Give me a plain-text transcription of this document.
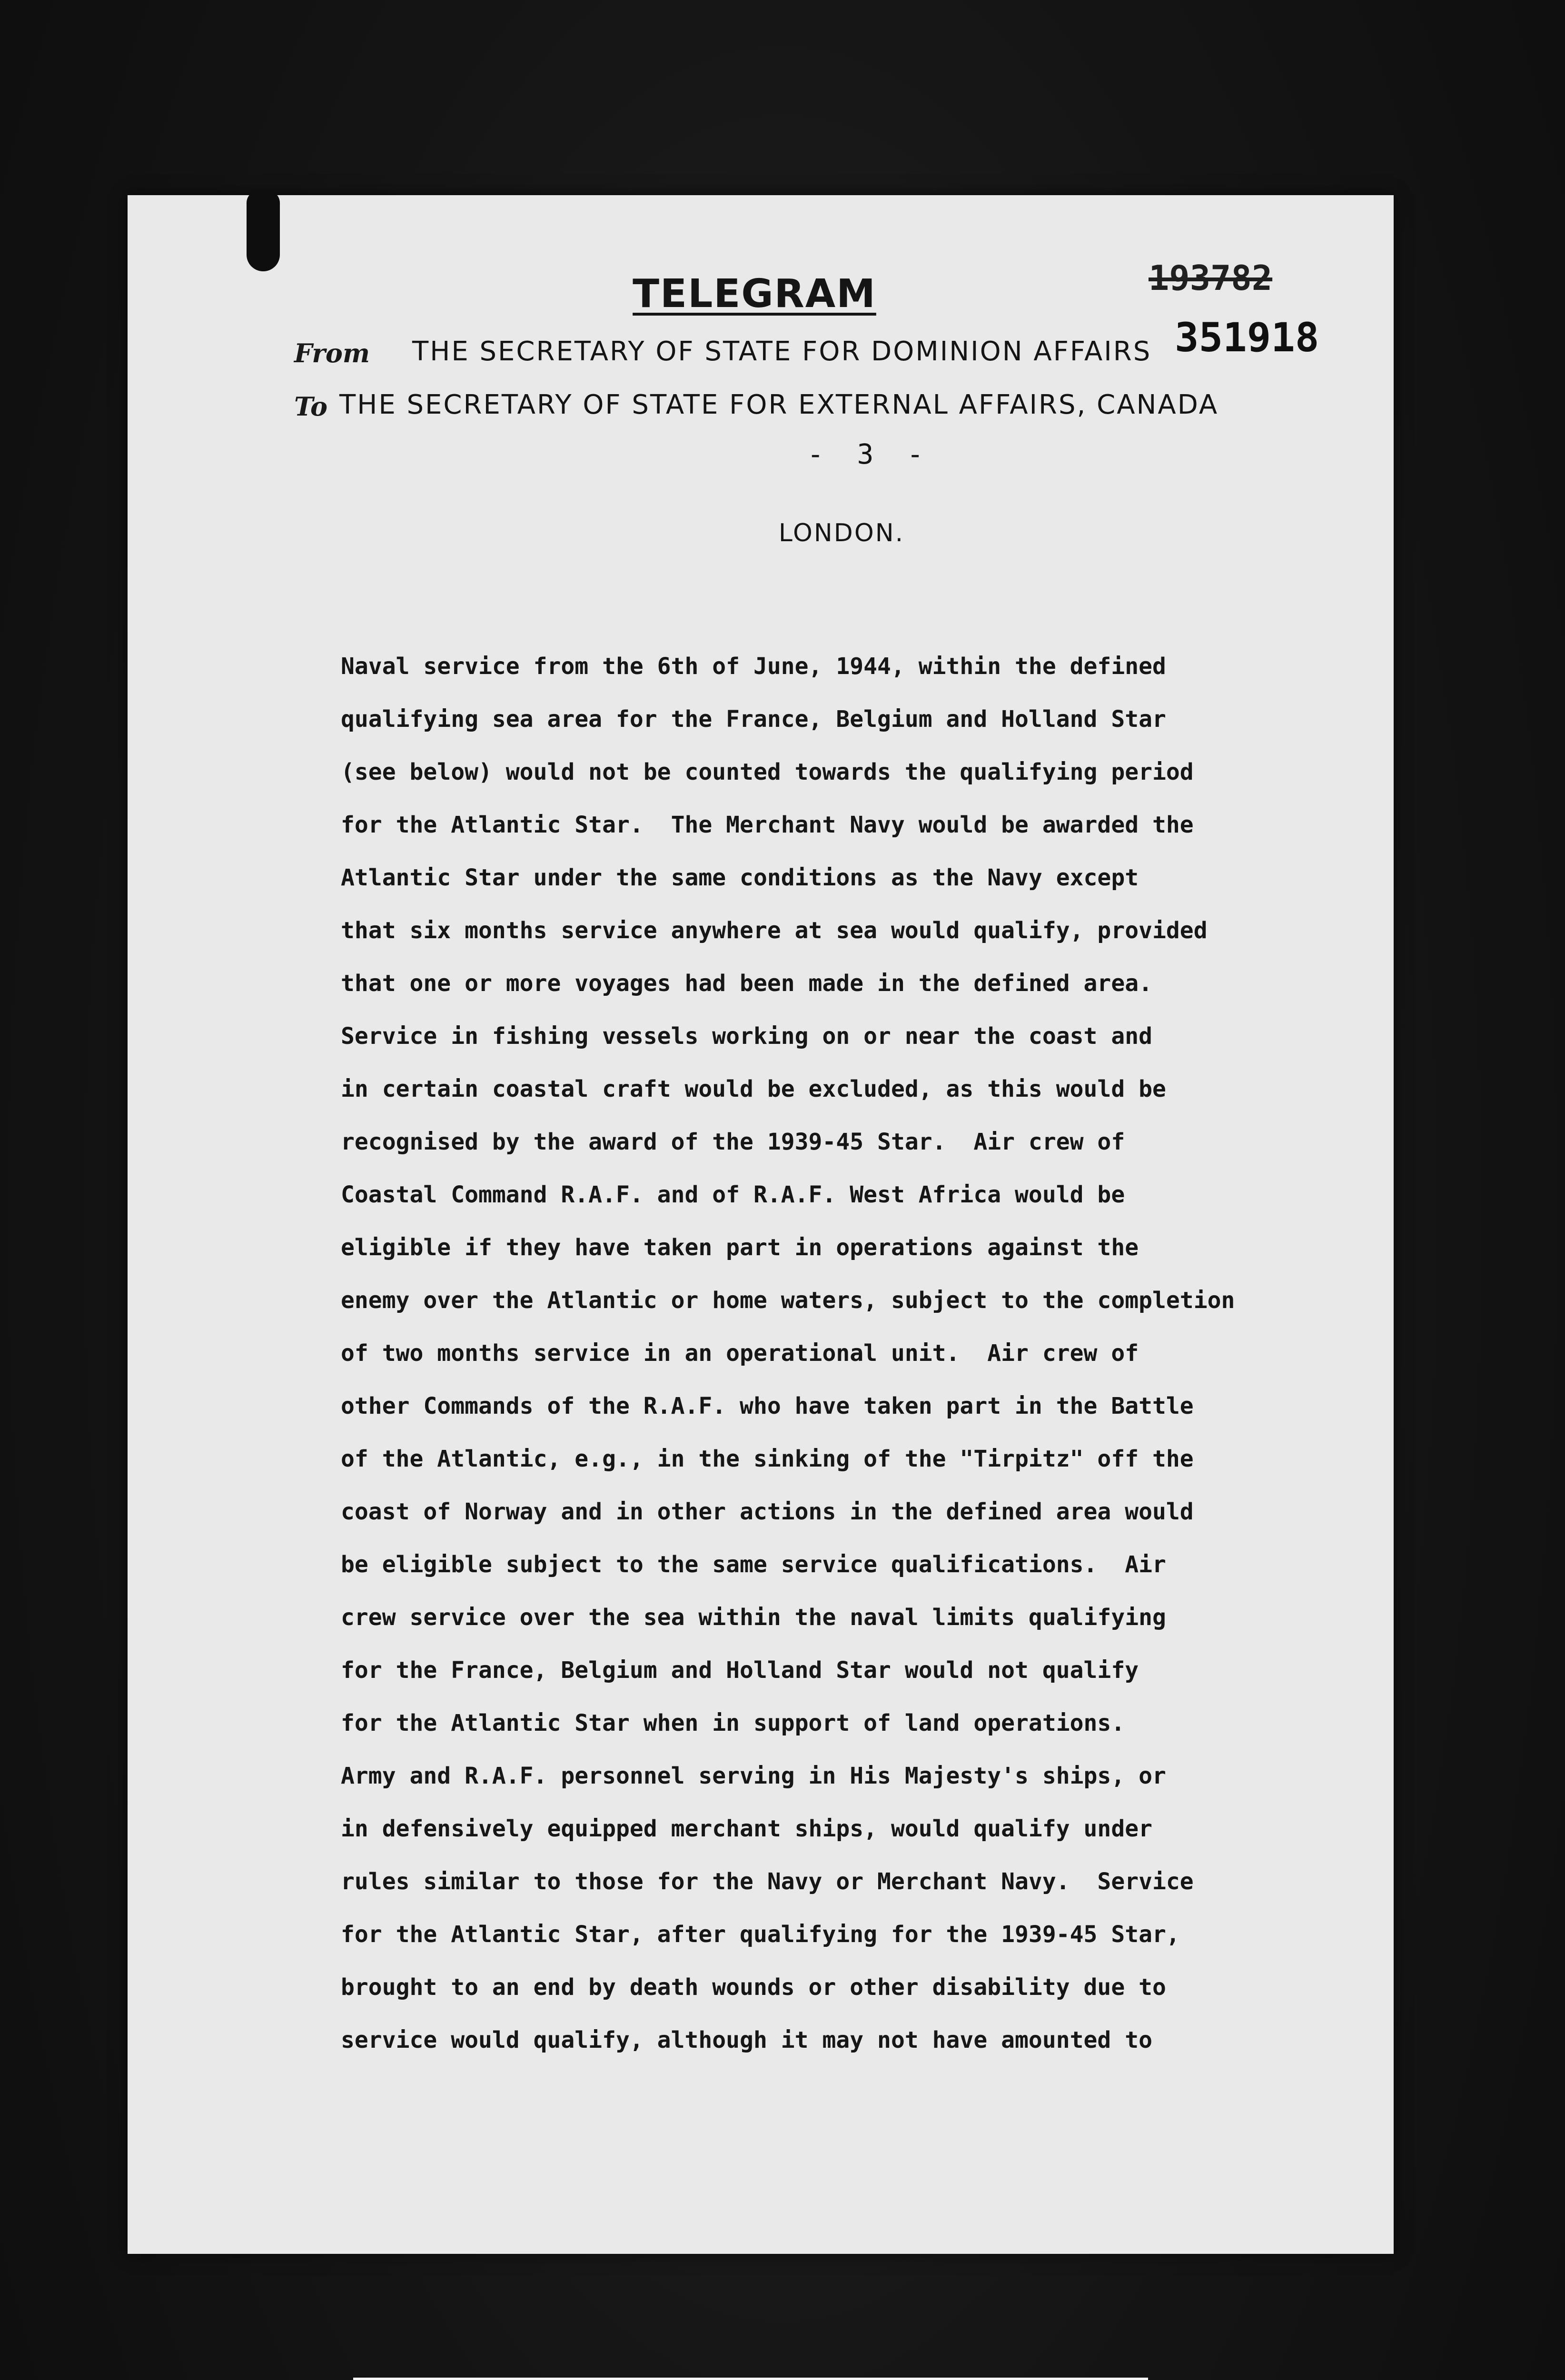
TELEGRAM	193782
351918
From THE SECRETARY OF STATE FOR DOMINION AFFAIRS
To THE SECRETARY OF STATE FOR EXTERNAL AFFAIRS, CANADA
-  3  -
LONDON.
Naval service from the 6th of June, 1944, within the defined
qualifying sea area for the France, Belgium and Holland Star
(see below) would not be counted towards the qualifying period
for the Atlantic Star.  The Merchant Navy would be awarded the
Atlantic Star under the same conditions as the Navy except
that six months service anywhere at sea would qualify, provided
that one or more voyages had been made in the defined area.
Service in fishing vessels working on or near the coast and
in certain coastal craft would be excluded, as this would be
recognised by the award of the 1939-45 Star.  Air crew of
Coastal Command R.A.F. and of R.A.F. West Africa would be
eligible if they have taken part in operations against the
enemy over the Atlantic or home waters, subject to the completion
of two months service in an operational unit.  Air crew of
other Commands of the R.A.F. who have taken part in the Battle
of the Atlantic, e.g., in the sinking of the "Tirpitz" off the
coast of Norway and in other actions in the defined area would
be eligible subject to the same service qualifications.  Air
crew service over the sea within the naval limits qualifying
for the France, Belgium and Holland Star would not qualify
for the Atlantic Star when in support of land operations.
Army and R.A.F. personnel serving in His Majesty's ships, or
in defensively equipped merchant ships, would qualify under
rules similar to those for the Navy or Merchant Navy.  Service
for the Atlantic Star, after qualifying for the 1939-45 Star,
brought to an end by death wounds or other disability due to
service would qualify, although it may not have amounted to
